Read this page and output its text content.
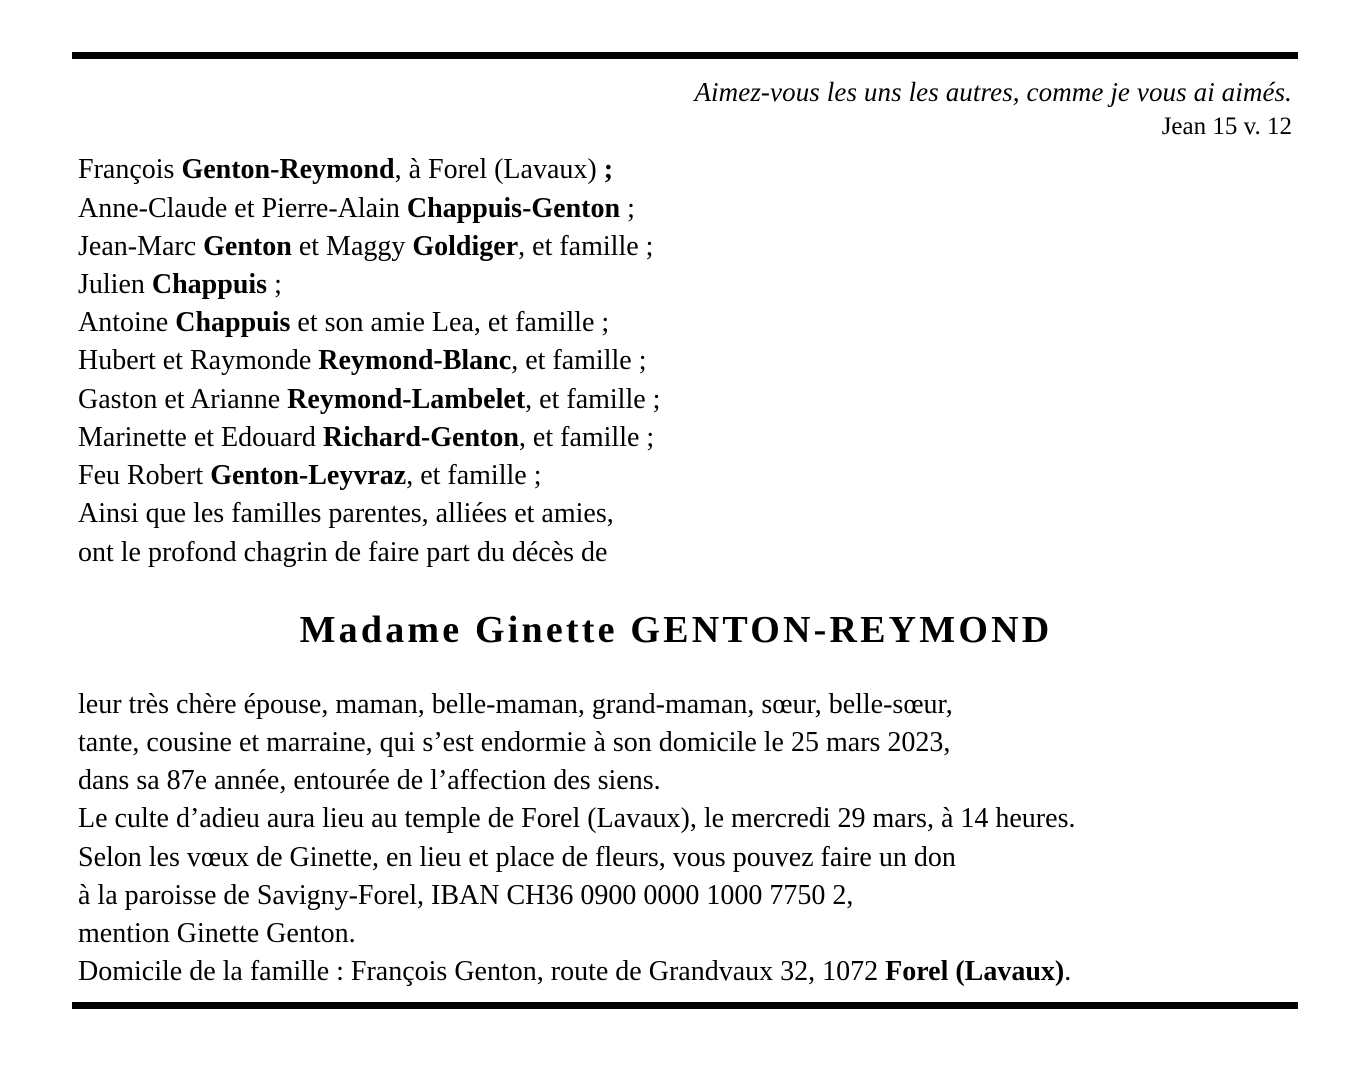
Aimez-vous les uns les autres, comme je vous ai aimés.
Jean 15 v. 12
François Genton-Reymond, à Forel (Lavaux) ;
Anne-Claude et Pierre-Alain Chappuis-Genton ;
Jean-Marc Genton et Maggy Goldiger, et famille ;
Julien Chappuis ;
Antoine Chappuis et son amie Lea, et famille ;
Hubert et Raymonde Reymond-Blanc, et famille ;
Gaston et Arianne Reymond-Lambelet, et famille ;
Marinette et Edouard Richard-Genton, et famille ;
Feu Robert Genton-Leyvraz, et famille ;
Ainsi que les familles parentes, alliées et amies,
ont le profond chagrin de faire part du décès de
Madame Ginette GENTON-REYMOND
leur très chère épouse, maman, belle-maman, grand-maman, sœur, belle-sœur,
tante, cousine et marraine, qui s’est endormie à son domicile le 25 mars 2023,
dans sa 87e année, entourée de l’affection des siens.
Le culte d’adieu aura lieu au temple de Forel (Lavaux), le mercredi 29 mars, à 14 heures.
Selon les vœux de Ginette, en lieu et place de fleurs, vous pouvez faire un don
à la paroisse de Savigny-Forel, IBAN CH36 0900 0000 1000 7750 2,
mention Ginette Genton.
Domicile de la famille : François Genton, route de Grandvaux 32, 1072 Forel (Lavaux).
